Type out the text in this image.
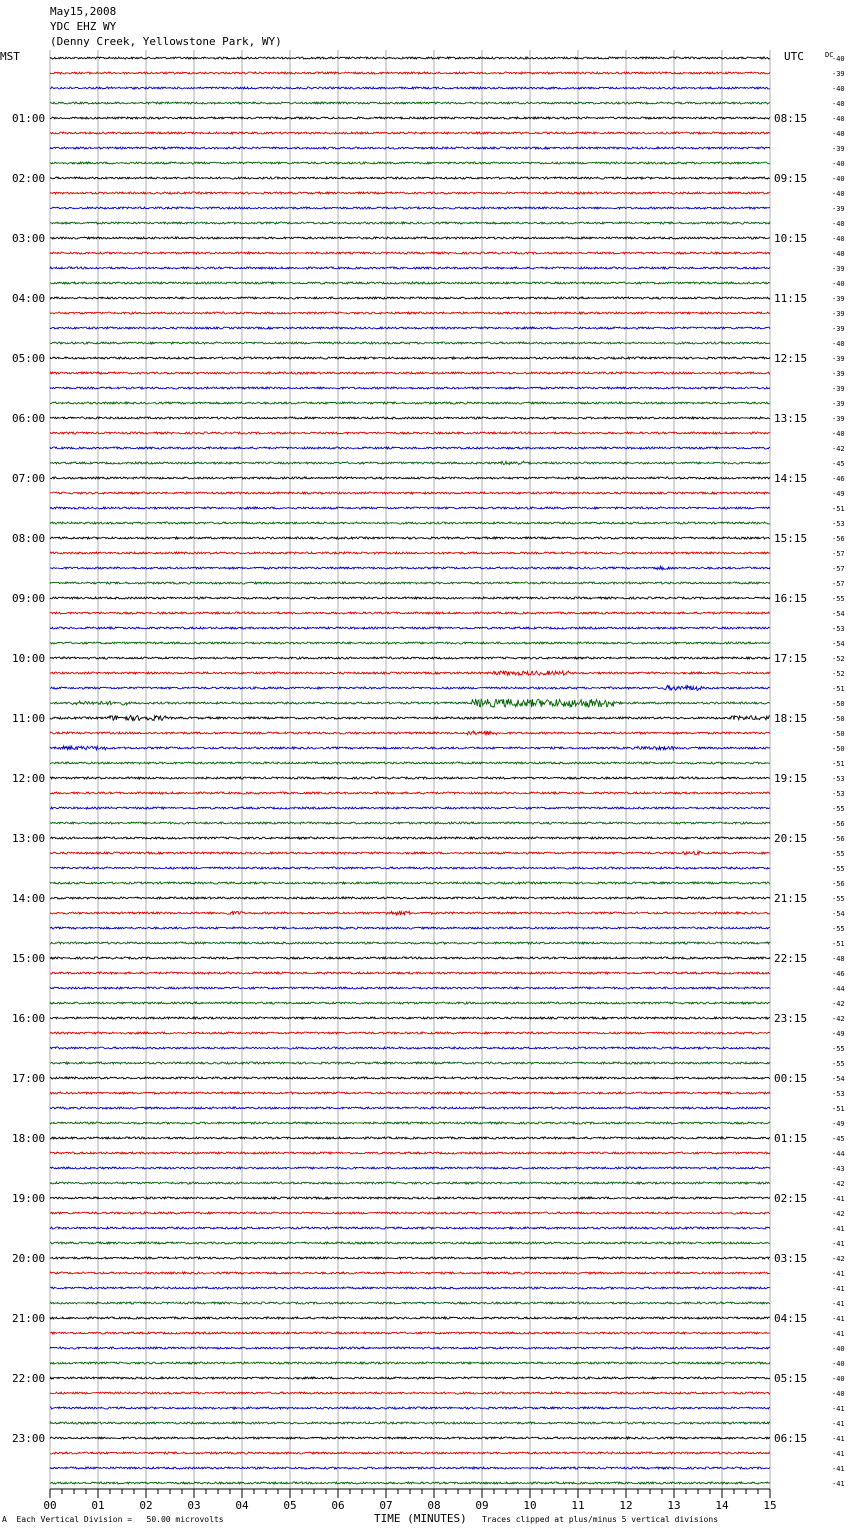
May15,2008
YDC EHZ WY
(Denny Creek, Yellowstone Park, WY)
00	01	02	03	04	05	06	07	08	09	10	11	12	13	14	15
01:00
02:00
03:00
04:00
05:00
06:00
07:00
08:00
09:00
10:00
11:00
12:00
13:00
14:00
15:00
16:00
17:00
18:00
19:00
20:00
21:00
22:00
23:00
08:15
09:15
10:15
11:15
12:15
13:15
14:15
15:15
16:15
17:15
18:15
19:15
20:15
21:15
22:15
23:15
00:15
01:15
02:15
03:15
04:15
05:15
06:15
-40
-39
-40
-40
-40
-40
-39
-40
-40
-40
-39
-40
-40
-40
-39
-40
-39
-39
-39
-40
-39
-39
-39
-39
-39
-40
-42
-45
-46
-49
-51
-53
-56
-57
-57
-57
-55
-54
-53
-54
-52
-52
-51
-50
-50
-50
-50
-51
-53
-53
-55
-56
-56
-55
-55
-56
-55
-54
-55
-51
-48
-46
-44
-42
-42
-49
-55
-55
-54
-53
-51
-49
-45
-44
-43
-42
-41
-42
-41
-41
-42
-41
-41
-41
-41
-41
-40
-40
-40
-40
-41
-41
-41
-41
-41
-41
MST	UTC	DC
A Each Vertical Division =   50.00 microvolts	TIME (MINUTES) Traces clipped at plus/minus 5 vertical divisions
